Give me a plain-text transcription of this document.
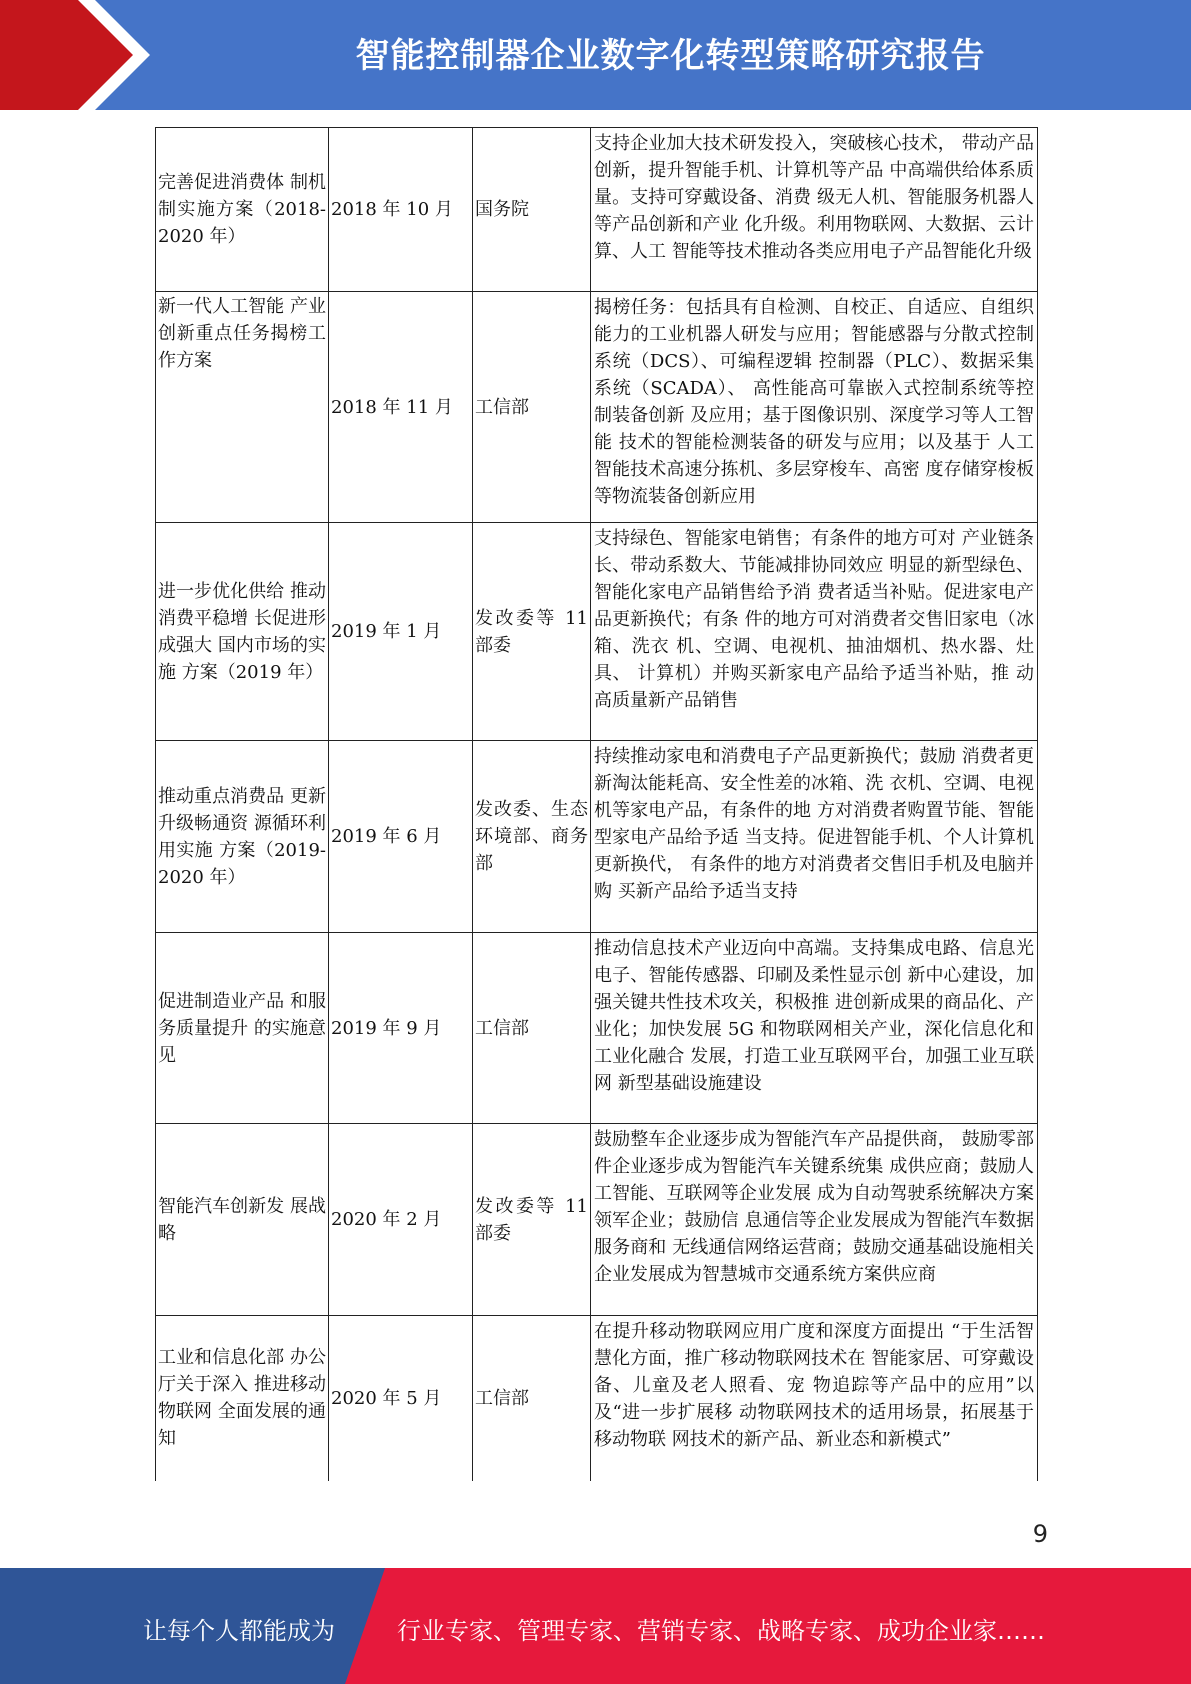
智能控制器企业数字化转型策略研究报告
完善促进消费体 制机制实施方案（2018-2020 年）	2018 年 10 月	国务院	支持企业加大技术研发投入，突破核心技术， 带动产品创新，提升智能手机、计算机等产品 中高端供给体系质量。支持可穿戴设备、消费 级无人机、智能服务机器人等产品创新和产业 化升级。利用物联网、大数据、云计算、人工 智能等技术推动各类应用电子产品智能化升级
新一代人工智能 产业创新重点任务揭榜工作方案	2018 年 11 月	工信部	揭榜任务：包括具有自检测、自校正、自适应、自组织能力的工业机器人研发与应用；智能感器与分散式控制系统（DCS）、可编程逻辑 控制器（PLC）、数据采集系统（SCADA）、 高性能高可靠嵌入式控制系统等控制装备创新 及应用；基于图像识别、深度学习等人工智能 技术的智能检测装备的研发与应用；以及基于 人工智能技术高速分拣机、多层穿梭车、高密 度存储穿梭板等物流装备创新应用

进一步优化供给 推动消费平稳增 长促进形成强大 国内市场的实施 方案（2019 年）	2019 年 1 月	发改委等 11 部委	支持绿色、智能家电销售；有条件的地方可对 产业链条长、带动系数大、节能减排协同效应 明显的新型绿色、智能化家电产品销售给予消 费者适当补贴。促进家电产品更新换代；有条 件的地方可对消费者交售旧家电（冰箱、洗衣 机、空调、电视机、抽油烟机、热水器、灶具、 计算机）并购买新家电产品给予适当补贴，推 动高质量新产品销售
推动重点消费品 更新升级畅通资 源循环利用实施 方案（2019-2020 年）	2019 年 6 月	发改委、生态环境部、商务部	持续推动家电和消费电子产品更新换代；鼓励 消费者更新淘汰能耗高、安全性差的冰箱、洗 衣机、空调、电视机等家电产品，有条件的地 方对消费者购置节能、智能型家电产品给予适 当支持。促进智能手机、个人计算机更新换代， 有条件的地方对消费者交售旧手机及电脑并购 买新产品给予适当支持
促进制造业产品 和服务质量提升 的实施意见	2019 年 9 月	工信部	推动信息技术产业迈向中高端。支持集成电路、信息光电子、智能传感器、印刷及柔性显示创 新中心建设，加强关键共性技术攻关，积极推 进创新成果的商品化、产业化；加快发展 5G 和物联网相关产业，深化信息化和工业化融合 发展，打造工业互联网平台，加强工业互联网 新型基础设施建设
智能汽车创新发 展战略	2020 年 2 月	发改委等 11 部委	鼓励整车企业逐步成为智能汽车产品提供商， 鼓励零部件企业逐步成为智能汽车关键系统集 成供应商；鼓励人工智能、互联网等企业发展 成为自动驾驶系统解决方案领军企业；鼓励信 息通信等企业发展成为智能汽车数据服务商和 无线通信网络运营商；鼓励交通基础设施相关 企业发展成为智慧城市交通系统方案供应商
工业和信息化部 办公厅关于深入 推进移动物联网 全面发展的通知	2020 年 5 月	工信部	在提升移动物联网应用广度和深度方面提出 “于生活智慧化方面，推广移动物联网技术在 智能家居、可穿戴设备、儿童及老人照看、宠 物追踪等产品中的应用”以及“进一步扩展移 动物联网技术的适用场景，拓展基于移动物联 网技术的新产品、新业态和新模式”
9
让每个人都能成为	行业专家、管理专家、营销专家、战略专家、成功企业家……
